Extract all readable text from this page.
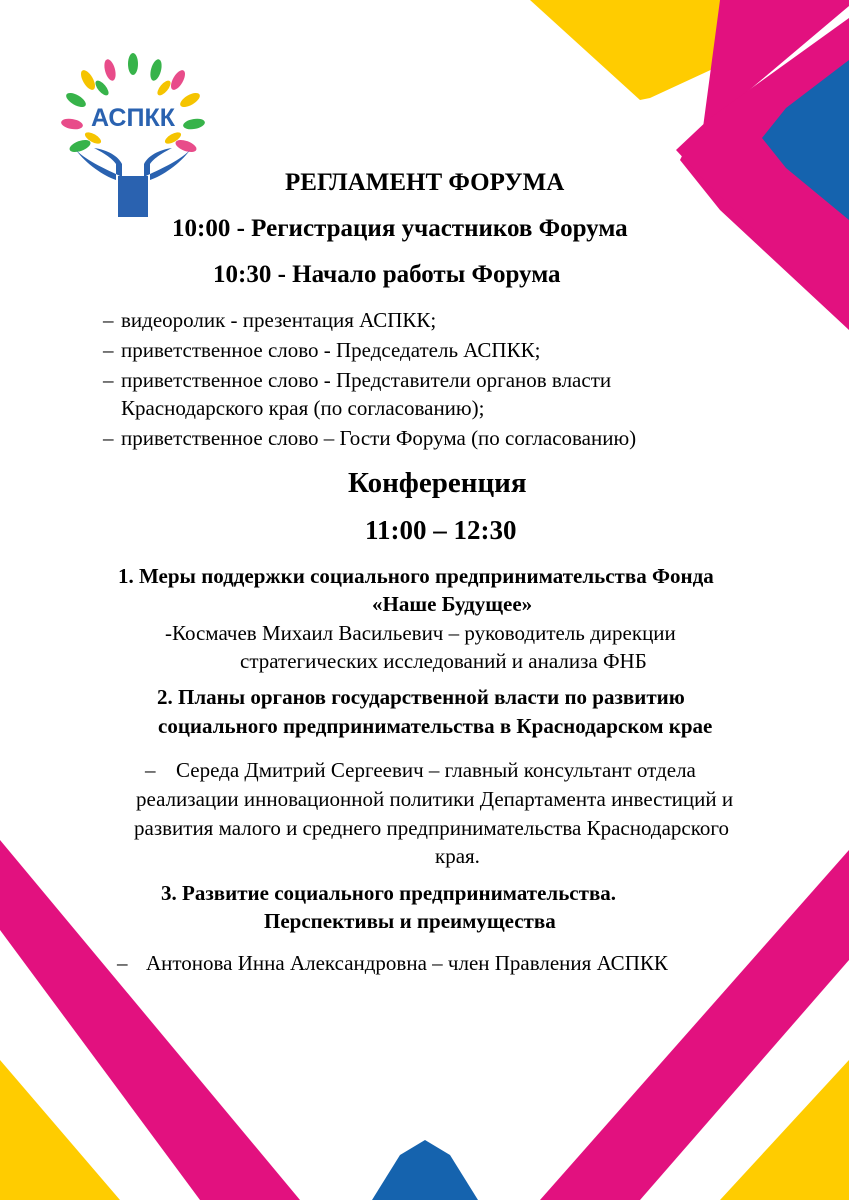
АСПКК
РЕГЛАМЕНТ ФОРУМА
10:00 - Регистрация участников Форума
10:30 - Начало работы Форума
– видеоролик - презентация АСПКК;
– приветственное слово - Председатель АСПКК;
– приветственное слово - Представители органов власти
Краснодарского края (по согласованию);
– приветственное слово – Гости Форума (по согласованию)
Конференция
11:00 – 12:30
1. Меры поддержки социального предпринимательства Фонда
«Наше Будущее»
-Космачев Михаил Васильевич – руководитель дирекции
стратегических исследований и анализа ФНБ
2. Планы органов государственной власти по развитию
социального предпринимательства в Краснодарском крае
– Середа Дмитрий Сергеевич – главный консультант отдела
реализации инновационной политики Департамента инвестиций и
развития малого и среднего предпринимательства Краснодарского
края.
3. Развитие социального предпринимательства.
Перспективы и преимущества
– Антонова Инна Александровна – член Правления АСПКК
